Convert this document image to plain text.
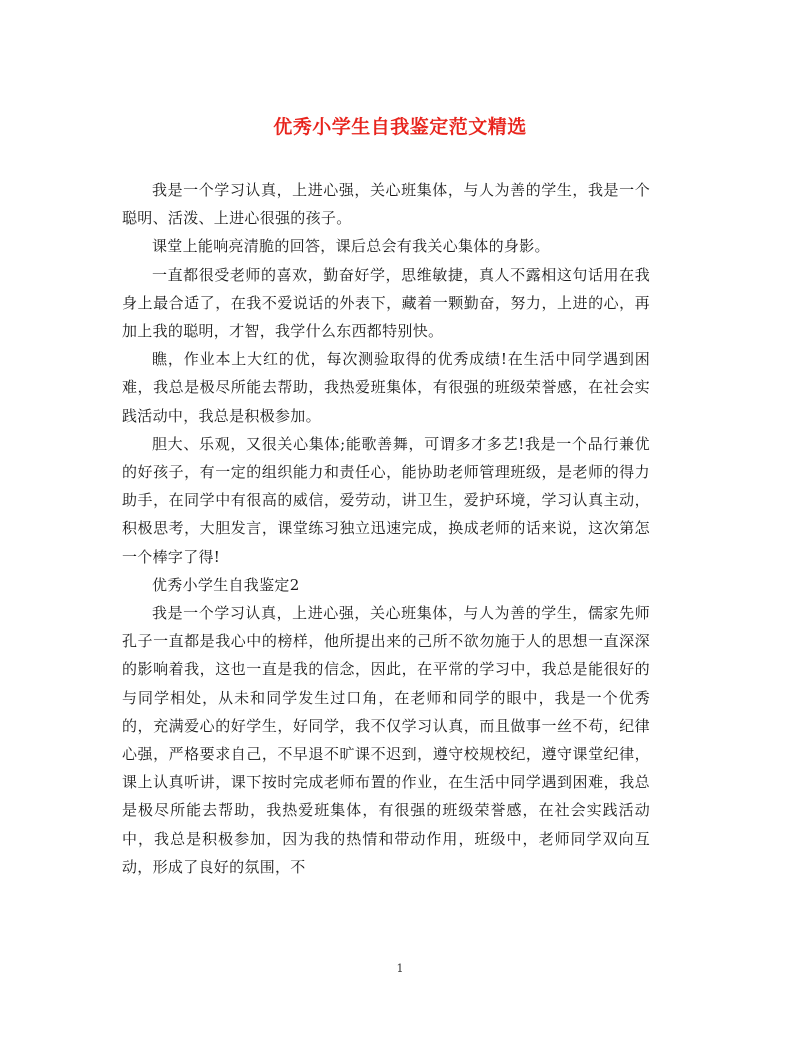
优秀小学生自我鉴定范文精选

我是一个学习认真，上进心强，关心班集体，与人为善的学生，我是一个聪明、活泼、上进心很强的孩子。

课堂上能响亮清脆的回答，课后总会有我关心集体的身影。

一直都很受老师的喜欢，勤奋好学，思维敏捷，真人不露相这句话用在我身上最合适了，在我不爱说话的外表下，藏着一颗勤奋，努力，上进的心，再加上我的聪明，才智，我学什么东西都特别快。

瞧，作业本上大红的优，每次测验取得的优秀成绩!在生活中同学遇到困难，我总是极尽所能去帮助，我热爱班集体，有很强的班级荣誉感，在社会实践活动中，我总是积极参加。

胆大、乐观，又很关心集体;能歌善舞，可谓多才多艺!我是一个品行兼优的好孩子，有一定的组织能力和责任心，能协助老师管理班级，是老师的得力助手，在同学中有很高的威信，爱劳动，讲卫生，爱护环境，学习认真主动，积极思考，大胆发言，课堂练习独立迅速完成，换成老师的话来说，这次第怎一个棒字了得!

优秀小学生自我鉴定2

我是一个学习认真，上进心强，关心班集体，与人为善的学生，儒家先师孔子一直都是我心中的榜样，他所提出来的己所不欲勿施于人的思想一直深深的影响着我，这也一直是我的信念，因此，在平常的学习中，我总是能很好的与同学相处，从未和同学发生过口角，在老师和同学的眼中，我是一个优秀的，充满爱心的好学生，好同学，我不仅学习认真，而且做事一丝不苟，纪律心强，严格要求自己，不早退不旷课不迟到，遵守校规校纪，遵守课堂纪律，课上认真听讲，课下按时完成老师布置的作业，在生活中同学遇到困难，我总是极尽所能去帮助，我热爱班集体，有很强的班级荣誉感，在社会实践活动中，我总是积极参加，因为我的热情和带动作用，班级中，老师同学双向互动，形成了良好的氛围，不

1
